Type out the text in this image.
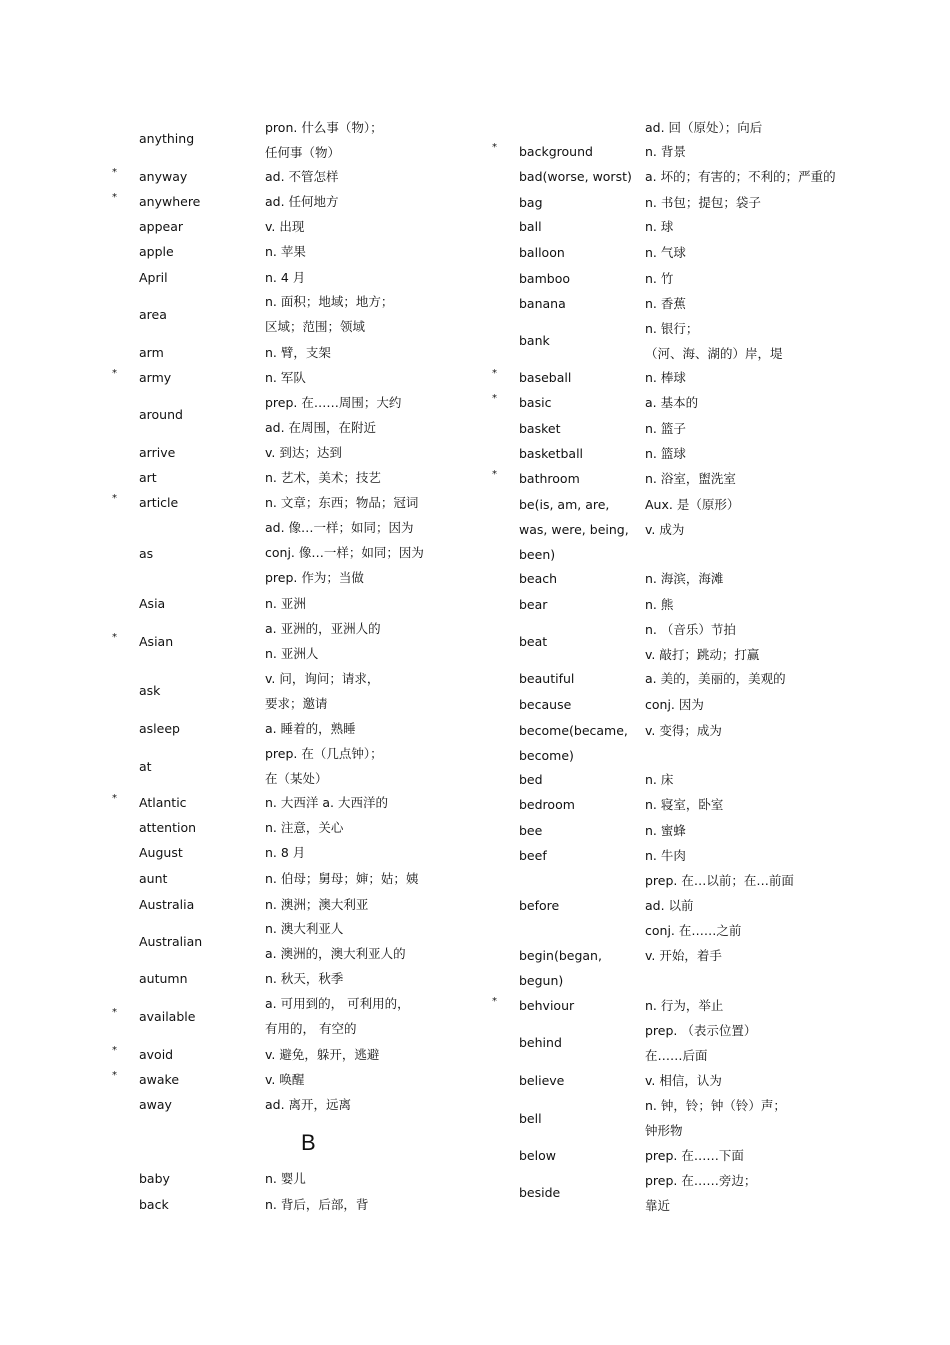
pron. 什么事（物）；
任何事（物）
anything
ad. 不管怎样
anyway
*
ad. 任何地方
anywhere
*
v. 出现
appear
n. 苹果
apple
n. 4 月
April
n. 面积；地域；地方；
区域；范围；领域
area
n. 臂，支架
arm
n. 军队
army
*
prep. 在……周围；大约
ad. 在周围，在附近
around
v. 到达；达到
arrive
n. 艺术，美术；技艺
art
n. 文章；东西；物品；冠词
article
*
ad. 像…一样；如同；因为
conj. 像…一样；如同；因为
prep. 作为；当做
as
n. 亚洲
Asia
a. 亚洲的，亚洲人的
n. 亚洲人
Asian
*
v. 问，询问；请求，
要求；邀请
ask
a. 睡着的，熟睡
asleep
prep. 在（几点钟）；
在（某处）
at
n. 大西洋 a. 大西洋的
Atlantic
*
n. 注意，关心
attention
n. 8 月
August
n. 伯母；舅母；婶；姑；姨
aunt
n. 澳洲；澳大利亚
Australia
n. 澳大利亚人
a. 澳洲的，澳大利亚人的
Australian
n. 秋天，秋季
autumn
a. 可用到的， 可利用的，
有用的， 有空的
available
*
v. 避免，躲开，逃避
avoid
*
v. 唤醒
awake
*
ad. 离开，远离
away
n. 婴儿
baby
n. 背后，后部，背
back
B
ad. 回（原处）；向后
n. 背景
background
*
a. 坏的；有害的；不利的；严重的
bad(worse, worst)
n. 书包；提包；袋子
bag
n. 球
ball
n. 气球
balloon
n. 竹
bamboo
n. 香蕉
banana
n. 银行；
（河、海、湖的）岸，堤
bank
n. 棒球
baseball
*
a. 基本的
basic
*
n. 篮子
basket
n. 篮球
basketball
n. 浴室，盥洗室
bathroom
*
Aux. 是（原形）
v. 成为
be(is, am, are,
was, were, being,
been)
n. 海滨，海滩
beach
n. 熊
bear
n. （音乐）节拍
v. 敲打；跳动；打赢
beat
a. 美的，美丽的，美观的
beautiful
conj. 因为
because
v. 变得；成为
become(became,
become)
n. 床
bed
n. 寝室，卧室
bedroom
n. 蜜蜂
bee
n. 牛肉
beef
prep. 在…以前；在…前面
ad. 以前
conj. 在……之前
before
v. 开始，着手
begin(began,
begun)
n. 行为，举止
behviour
*
prep. （表示位置）
在……后面
behind
v. 相信，认为
believe
n. 钟，铃；钟（铃）声；
钟形物
bell
prep. 在……下面
below
prep. 在……旁边；
靠近
beside
